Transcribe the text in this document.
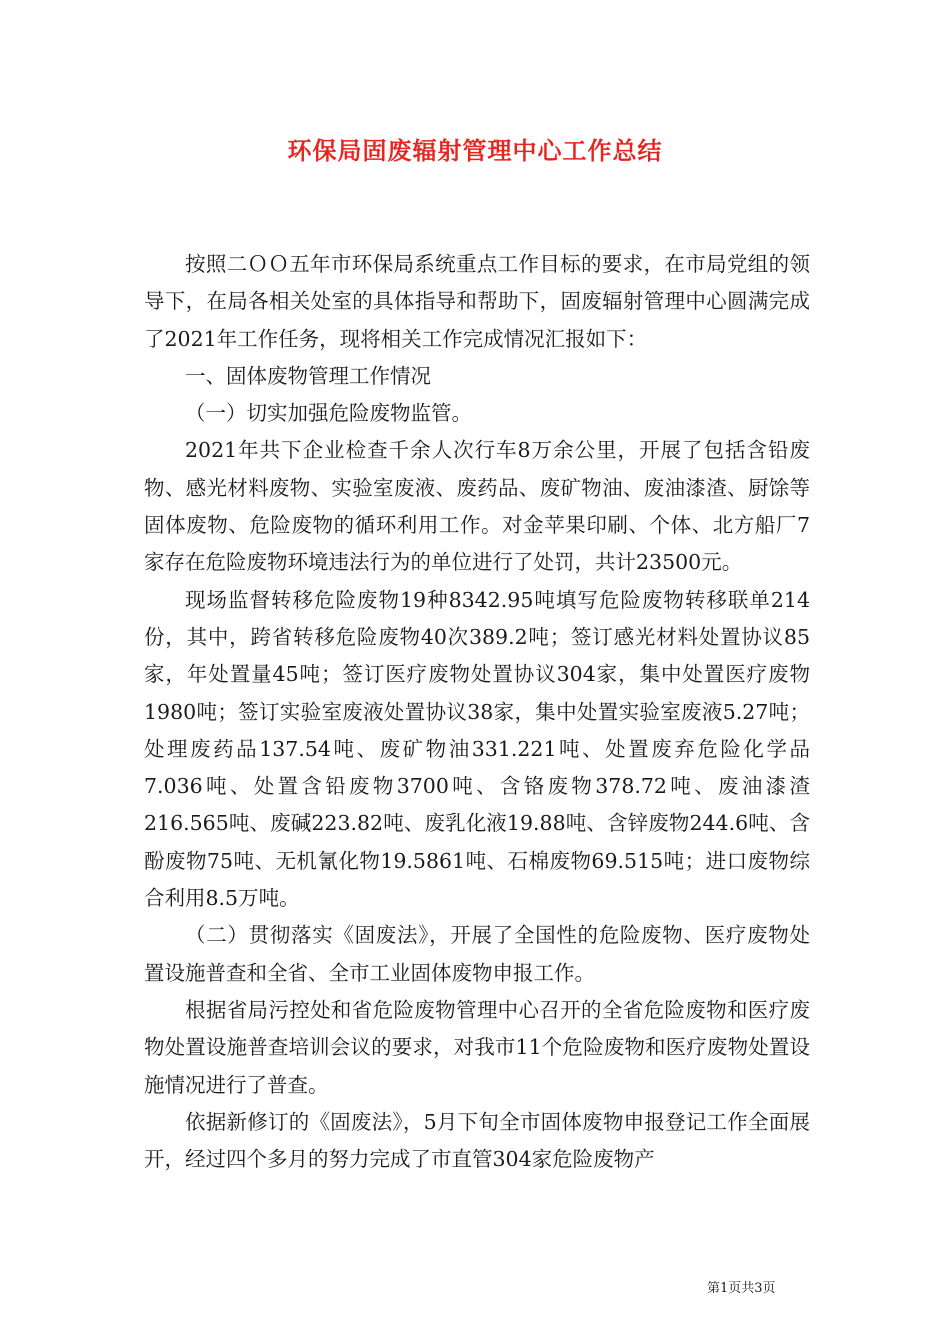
环保局固废辐射管理中心工作总结

按照二ＯＯ五年市环保局系统重点工作目标的要求，在市局党组的领导下，在局各相关处室的具体指导和帮助下，固废辐射管理中心圆满完成了2021年工作任务，现将相关工作完成情况汇报如下：

一、固体废物管理工作情况

（一）切实加强危险废物监管。

2021年共下企业检查千余人次行车8万余公里，开展了包括含铅废物、感光材料废物、实验室废液、废药品、废矿物油、废油漆渣、厨馀等固体废物、危险废物的循环利用工作。对金苹果印刷、个体、北方船厂7家存在危险废物环境违法行为的单位进行了处罚，共计23500元。

现场监督转移危险废物19种8342.95吨填写危险废物转移联单214份，其中，跨省转移危险废物40次389.2吨；签订感光材料处置协议85家，年处置量45吨；签订医疗废物处置协议304家，集中处置医疗废物1980吨；签订实验室废液处置协议38家，集中处置实验室废液5.27吨；处理废药品137.54吨、废矿物油331.221吨、处置废弃危险化学品7.036吨、处置含铅废物3700吨、含铬废物378.72吨、废油漆渣216.565吨、废碱223.82吨、废乳化液19.88吨、含锌废物244.6吨、含酚废物75吨、无机氰化物19.5861吨、石棉废物69.515吨；进口废物综合利用8.5万吨。

（二）贯彻落实《固废法》，开展了全国性的危险废物、医疗废物处置设施普查和全省、全市工业固体废物申报工作。

根据省局污控处和省危险废物管理中心召开的全省危险废物和医疗废物处置设施普查培训会议的要求，对我市11个危险废物和医疗废物处置设施情况进行了普查。

依据新修订的《固废法》，5月下旬全市固体废物申报登记工作全面展开，经过四个多月的努力完成了市直管304家危险废物产

第1页共3页
